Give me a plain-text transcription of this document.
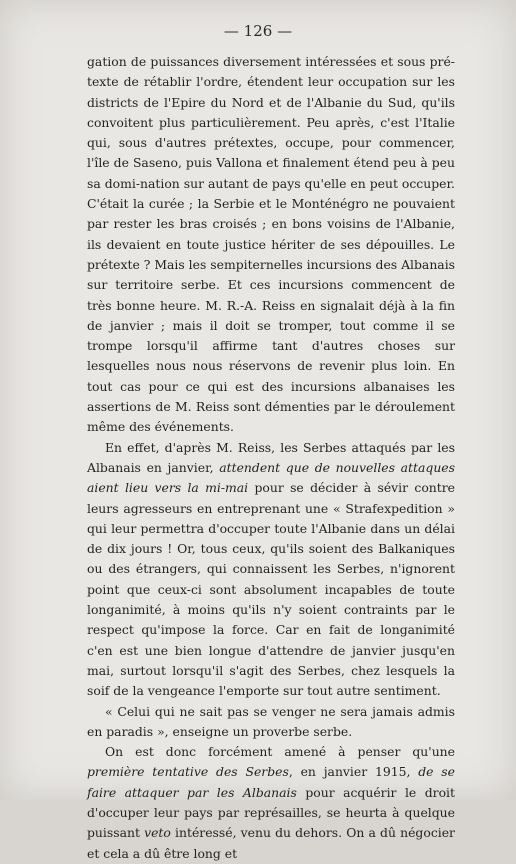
— 126 —

gation de puissances diversement intéressées et sous pré-texte de rétablir l'ordre, étendent leur occupation sur les districts de l'Epire du Nord et de l'Albanie du Sud, qu'ils convoitent plus particulièrement. Peu après, c'est l'Italie qui, sous d'autres prétextes, occupe, pour commencer, l'île de Saseno, puis Vallona et finalement étend peu à peu sa domi-nation sur autant de pays qu'elle en peut occuper. C'était la curée ; la Serbie et le Monténégro ne pouvaient par rester les bras croisés ; en bons voisins de l'Albanie, ils devaient en toute justice hériter de ses dépouilles. Le prétexte ? Mais les sempiternelles incursions des Albanais sur territoire serbe. Et ces incursions commencent de très bonne heure. M. R.-A. Reiss en signalait déjà à la fin de janvier ; mais il doit se tromper, tout comme il se trompe lorsqu'il affirme tant d'autres choses sur lesquelles nous nous réservons de revenir plus loin. En tout cas pour ce qui est des incursions albanaises les assertions de M. Reiss sont démenties par le déroulement même des événements.

En effet, d'après M. Reiss, les Serbes attaqués par les Albanais en janvier, attendent que de nouvelles attaques aient lieu vers la mi-mai pour se décider à sévir contre leurs agresseurs en entreprenant une « Strafexpedition » qui leur permettra d'occuper toute l'Albanie dans un délai de dix jours ! Or, tous ceux, qu'ils soient des Balkaniques ou des étrangers, qui connaissent les Serbes, n'ignorent point que ceux-ci sont absolument incapables de toute longanimité, à moins qu'ils n'y soient contraints par le respect qu'impose la force. Car en fait de longanimité c'en est une bien longue d'attendre de janvier jusqu'en mai, surtout lorsqu'il s'agit des Serbes, chez lesquels la soif de la vengeance l'emporte sur tout autre sentiment.

« Celui qui ne sait pas se venger ne sera jamais admis en paradis », enseigne un proverbe serbe.

On est donc forcément amené à penser qu'une première tentative des Serbes, en janvier 1915, de se faire attaquer par les Albanais pour acquérir le droit d'occuper leur pays par représailles, se heurta à quelque puissant veto intéressé, venu du dehors. On a dû négocier et cela a dû être long et
